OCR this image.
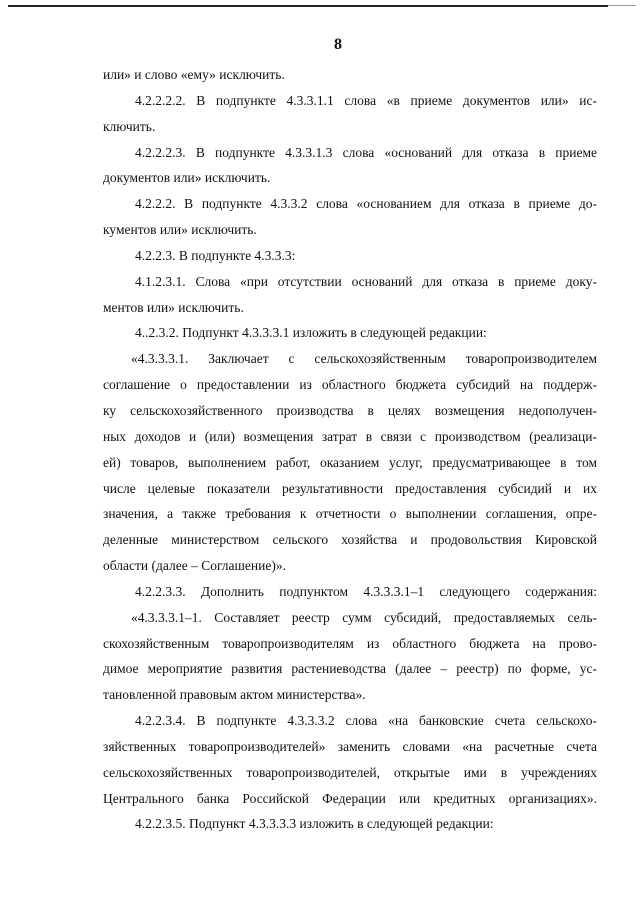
8
или» и слово «ему» исключить.
4.2.2.2.2. В подпункте 4.3.3.1.1 слова «в приеме документов или» ис-
ключить.
4.2.2.2.3. В подпункте 4.3.3.1.3 слова «оснований для отказа в приеме
документов или» исключить.
4.2.2.2. В подпункте 4.3.3.2 слова «основанием для отказа в приеме до-
кументов или» исключить.
4.2.2.3. В подпункте 4.3.3.3:
4.1.2.3.1. Слова «при отсутствии оснований для отказа в приеме доку-
ментов или» исключить.
4..2.3.2. Подпункт 4.3.3.3.1 изложить в следующей редакции:
«4.3.3.3.1. Заключает с сельскохозяйственным товаропроизводителем
соглашение о предоставлении из областного бюджета субсидий на поддерж-
ку сельскохозяйственного производства в целях возмещения недополучен-
ных доходов и (или) возмещения затрат в связи с производством (реализаци-
ей) товаров, выполнением работ, оказанием услуг, предусматривающее в том
числе целевые показатели результативности предоставления субсидий и их
значения, а также требования к отчетности о выполнении соглашения, опре-
деленные министерством сельского хозяйства и продовольствия Кировской
области (далее – Соглашение)».
4.2.2.3.3. Дополнить подпунктом 4.3.3.3.1–1 следующего содержания:
«4.3.3.3.1–1. Составляет реестр сумм субсидий, предоставляемых сель-
скохозяйственным товаропроизводителям из областного бюджета на прово-
димое мероприятие развития растениеводства (далее – реестр) по форме, ус-
тановленной правовым актом министерства».
4.2.2.3.4. В подпункте 4.3.3.3.2 слова «на банковские счета сельскохо-
зяйственных товаропроизводителей» заменить словами «на расчетные счета
сельскохозяйственных товаропроизводителей, открытые ими в учреждениях
Центрального банка Российской Федерации или кредитных организациях».
4.2.2.3.5. Подпункт 4.3.3.3.3 изложить в следующей редакции:
